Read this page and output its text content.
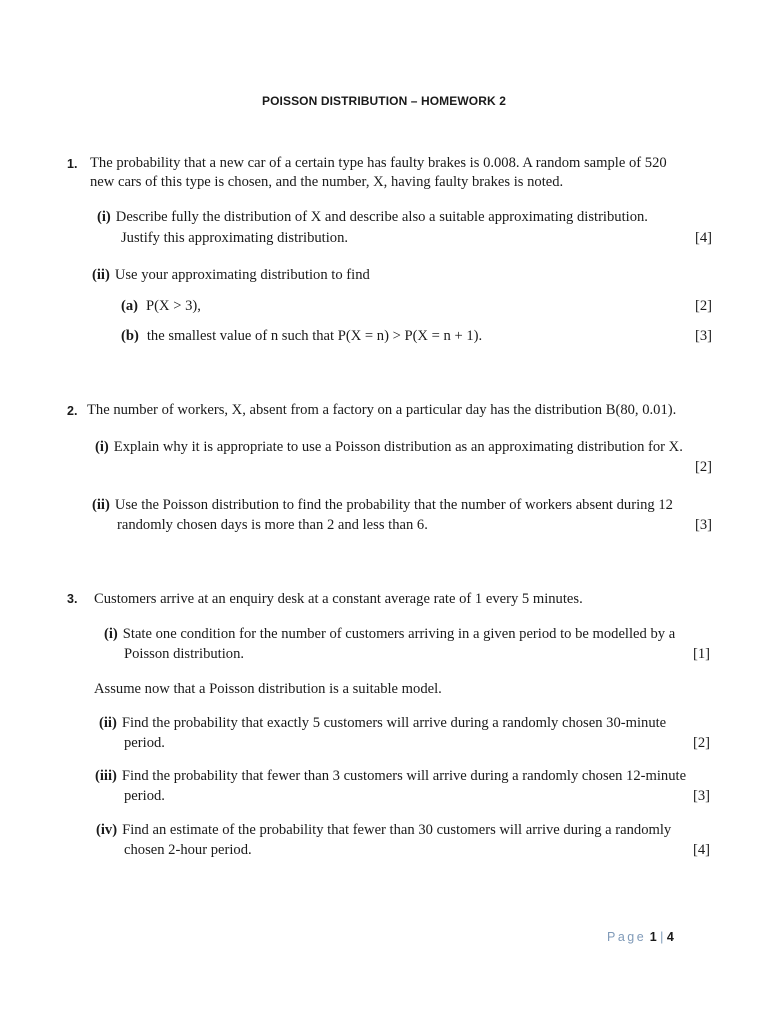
POISSON DISTRIBUTION – HOMEWORK 2
1. The probability that a new car of a certain type has faulty brakes is 0.008. A random sample of 520
new cars of this type is chosen, and the number, X, having faulty brakes is noted.
(i) Describe fully the distribution of X and describe also a suitable approximating distribution.
Justify this approximating distribution.	[4]
(ii) Use your approximating distribution to find
(a) P(X > 3),	[2]
(b) the smallest value of n such that P(X = n) > P(X = n + 1).	[3]
2. The number of workers, X, absent from a factory on a particular day has the distribution B(80, 0.01).
(i) Explain why it is appropriate to use a Poisson distribution as an approximating distribution for X.
[2]
(ii) Use the Poisson distribution to find the probability that the number of workers absent during 12
randomly chosen days is more than 2 and less than 6.	[3]
3. Customers arrive at an enquiry desk at a constant average rate of 1 every 5 minutes.
(i) State one condition for the number of customers arriving in a given period to be modelled by a
Poisson distribution.	[1]
Assume now that a Poisson distribution is a suitable model.
(ii) Find the probability that exactly 5 customers will arrive during a randomly chosen 30-minute
period.	[2]
(iii) Find the probability that fewer than 3 customers will arrive during a randomly chosen 12-minute
period.	[3]
(iv) Find an estimate of the probability that fewer than 30 customers will arrive during a randomly
chosen 2-hour period.	[4]
Page 1 | 4
